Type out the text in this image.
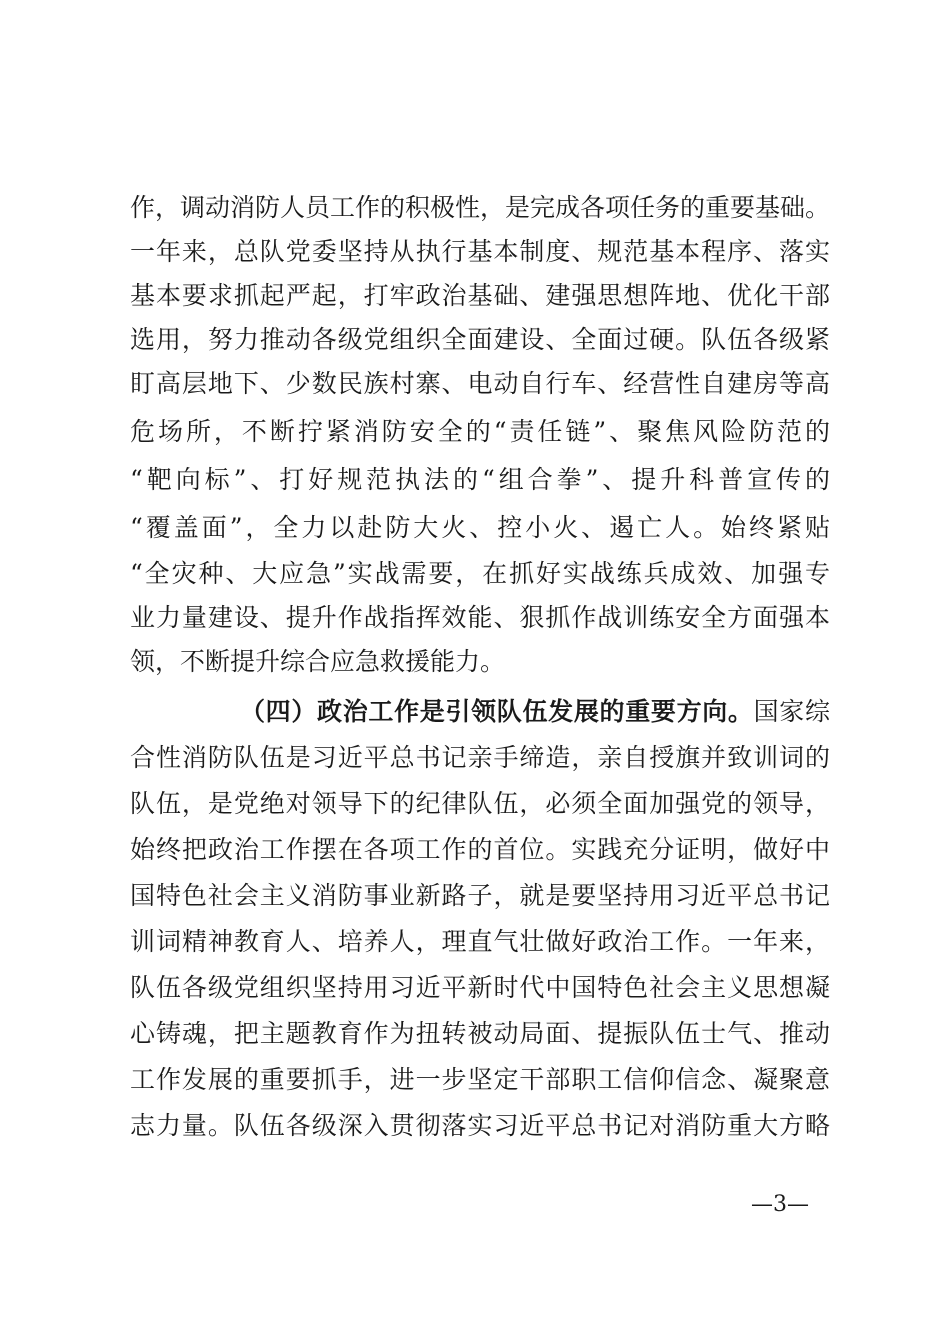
作，调动消防人员工作的积极性，是完成各项任务的重要基础。
一年来，总队党委坚持从执行基本制度、规范基本程序、落实
基本要求抓起严起，打牢政治基础、建强思想阵地、优化干部
选用，努力推动各级党组织全面建设、全面过硬。队伍各级紧
盯高层地下、少数民族村寨、电动自行车、经营性自建房等高
危场所，不断拧紧消防安全的“责任链”、聚焦风险防范的
“靶向标”、打好规范执法的“组合拳”、提升科普宣传的
“覆盖面”，全力以赴防大火、控小火、遏亡人。始终紧贴
“全灾种、大应急”实战需要，在抓好实战练兵成效、加强专
业力量建设、提升作战指挥效能、狠抓作战训练安全方面强本
领，不断提升综合应急救援能力。
（四）政治工作是引领队伍发展的重要方向。国家综
合性消防队伍是习近平总书记亲手缔造，亲自授旗并致训词的
队伍，是党绝对领导下的纪律队伍，必须全面加强党的领导，
始终把政治工作摆在各项工作的首位。实践充分证明，做好中
国特色社会主义消防事业新路子，就是要坚持用习近平总书记
训词精神教育人、培养人，理直气壮做好政治工作。一年来，
队伍各级党组织坚持用习近平新时代中国特色社会主义思想凝
心铸魂，把主题教育作为扭转被动局面、提振队伍士气、推动
工作发展的重要抓手，进一步坚定干部职工信仰信念、凝聚意
志力量。队伍各级深入贯彻落实习近平总书记对消防重大方略
—3—
